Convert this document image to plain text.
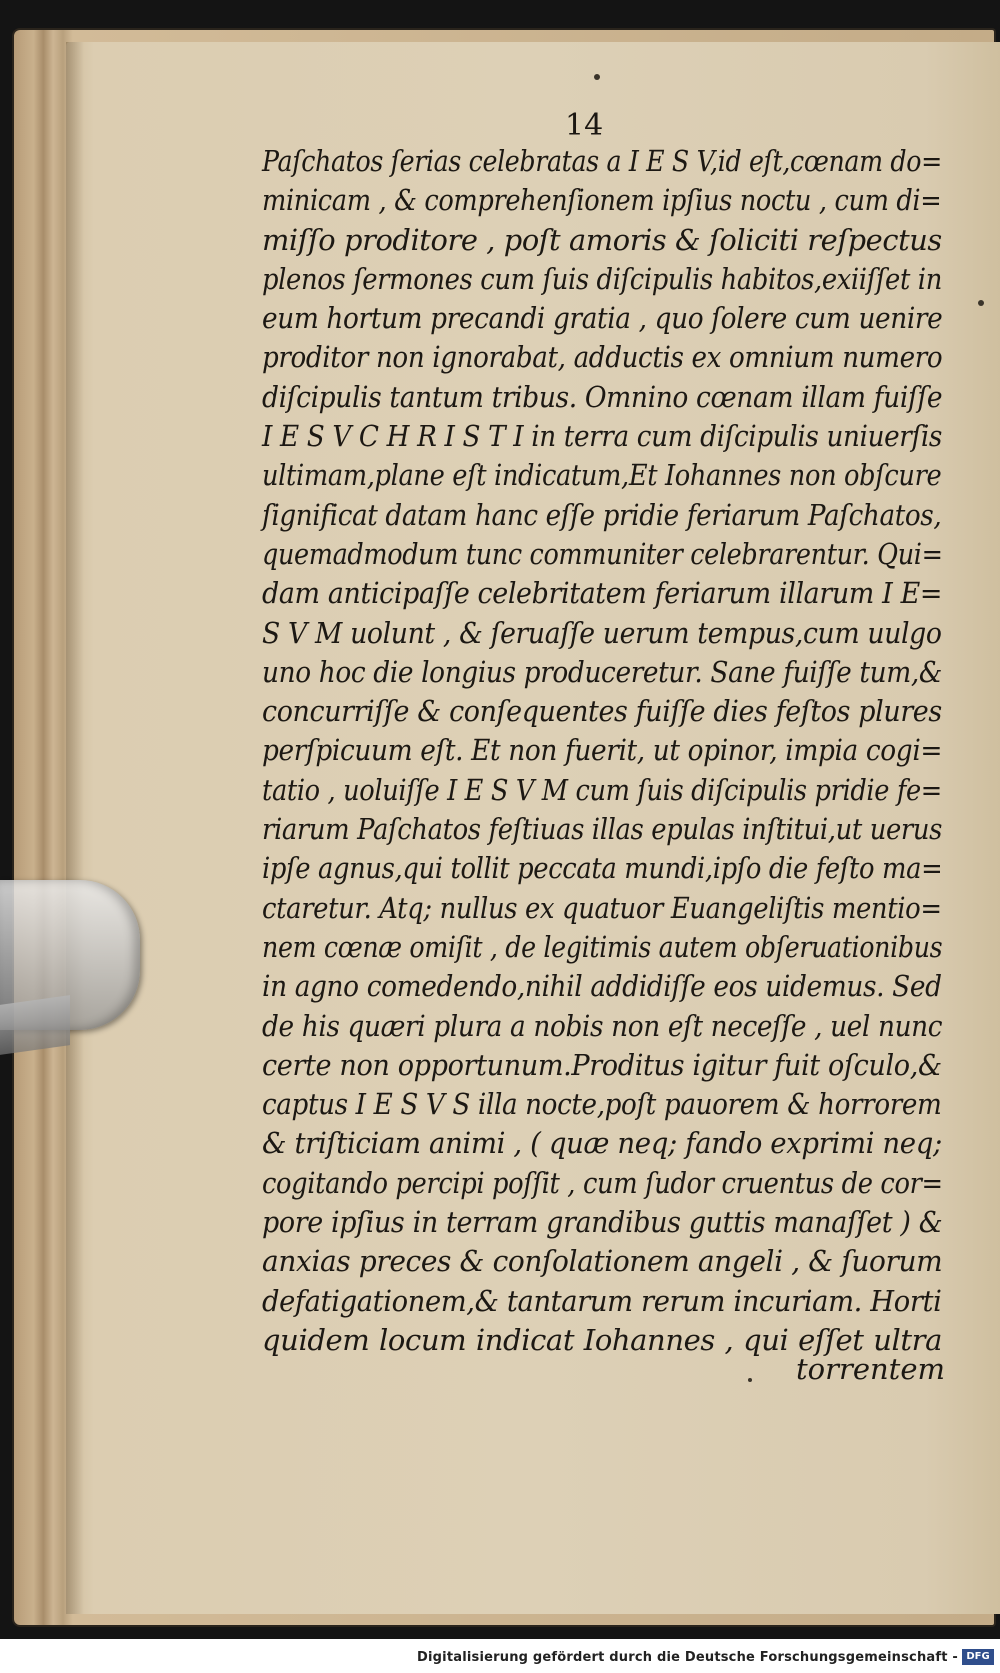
14
Paſchatos ſerias celebratas a I E S V,id eſt,cœnam do=
minicam , & comprehenſionem ipſius noctu , cum di=
miſſo proditore , poſt amoris & ſoliciti reſpectus
plenos ſermones cum ſuis diſcipulis habitos,exiiſſet in
eum hortum precandi gratia , quo ſolere cum uenire
proditor non ignorabat, adductis ex omnium numero
diſcipulis tantum tribus. Omnino cœnam illam fuiſſe
I E S V C H R I S T I in terra cum diſcipulis uniuerſis
ultimam,plane eſt indicatum,Et Iohannes non obſcure
ſignificat datam hanc eſſe pridie feriarum Paſchatos,
quemadmodum tunc communiter celebrarentur. Qui=
dam anticipaſſe celebritatem feriarum illarum I E=
S V M uolunt , & ſeruaſſe uerum tempus,cum uulgo
uno hoc die longius produceretur. Sane fuiſſe tum,&
concurriſſe & conſequentes fuiſſe dies feſtos plures
perſpicuum eſt. Et non fuerit, ut opinor, impia cogi=
tatio , uoluiſſe I E S V M cum ſuis diſcipulis pridie fe=
riarum Paſchatos feſtiuas illas epulas inſtitui,ut uerus
ipſe agnus,qui tollit peccata mundi,ipſo die feſto ma=
ctaretur. Atq; nullus ex quatuor Euangeliſtis mentio=
nem cœnæ omiſit , de legitimis autem obſeruationibus
in agno comedendo,nihil addidiſſe eos uidemus. Sed
de his quæri plura a nobis non eſt neceſſe , uel nunc
certe non opportunum.Proditus igitur fuit oſculo,&
captus I E S V S illa nocte,poſt pauorem & horrorem
& triſticiam animi , ( quæ neq; fando exprimi neq;
cogitando percipi poſſit , cum ſudor cruentus de cor=
pore ipſius in terram grandibus guttis manaſſet ) &
anxias preces & conſolationem angeli , & ſuorum
defatigationem,& tantarum rerum incuriam. Horti
quidem locum indicat Iohannes , qui eſſet ultra
torrentem
Digitalisierung gefördert durch die Deutsche Forschungsgemeinschaft - DFG
